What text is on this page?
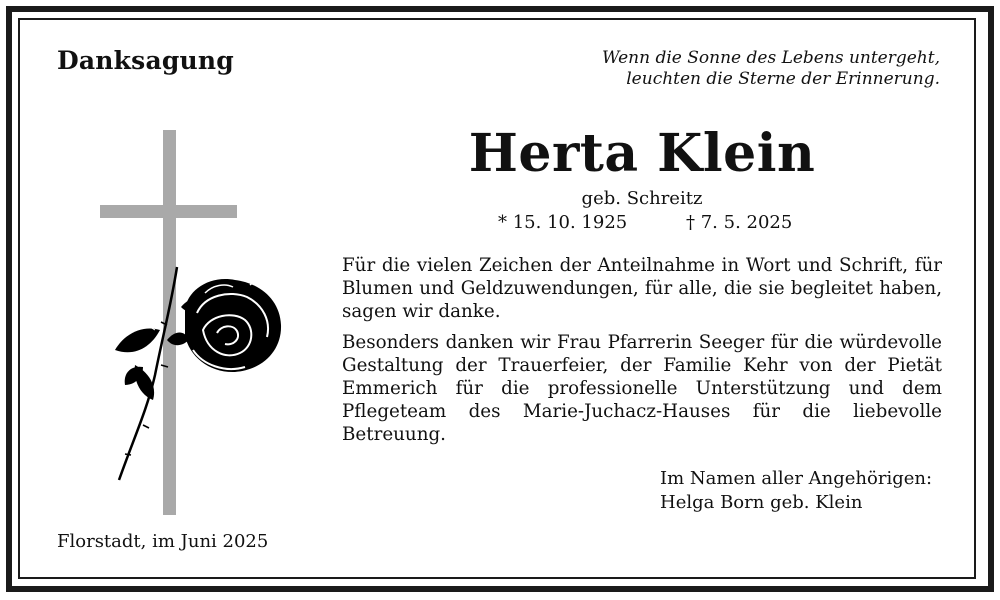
Danksagung	Wenn die Sonne des Lebens untergeht,
leuchten die Sterne der Erinnerung.
Herta Klein
geb. Schreitz
* 15. 10. 1925	† 7. 5. 2025

Für die vielen Zeichen der Anteilnahme in Wort und Schrift, für Blumen und Geldzuwendungen, für alle, die sie begleitet haben, sagen wir danke.

Besonders danken wir Frau Pfarrerin Seeger für die würdevolle Gestaltung der Trauerfeier, der Familie Kehr von der Pietät Emmerich für die professionelle Unterstützung und dem Pflegeteam des Marie-Juchacz-Hauses für die liebevolle Betreuung.

Im Namen aller Angehörigen:
Helga Born geb. Klein
Florstadt, im Juni 2025
